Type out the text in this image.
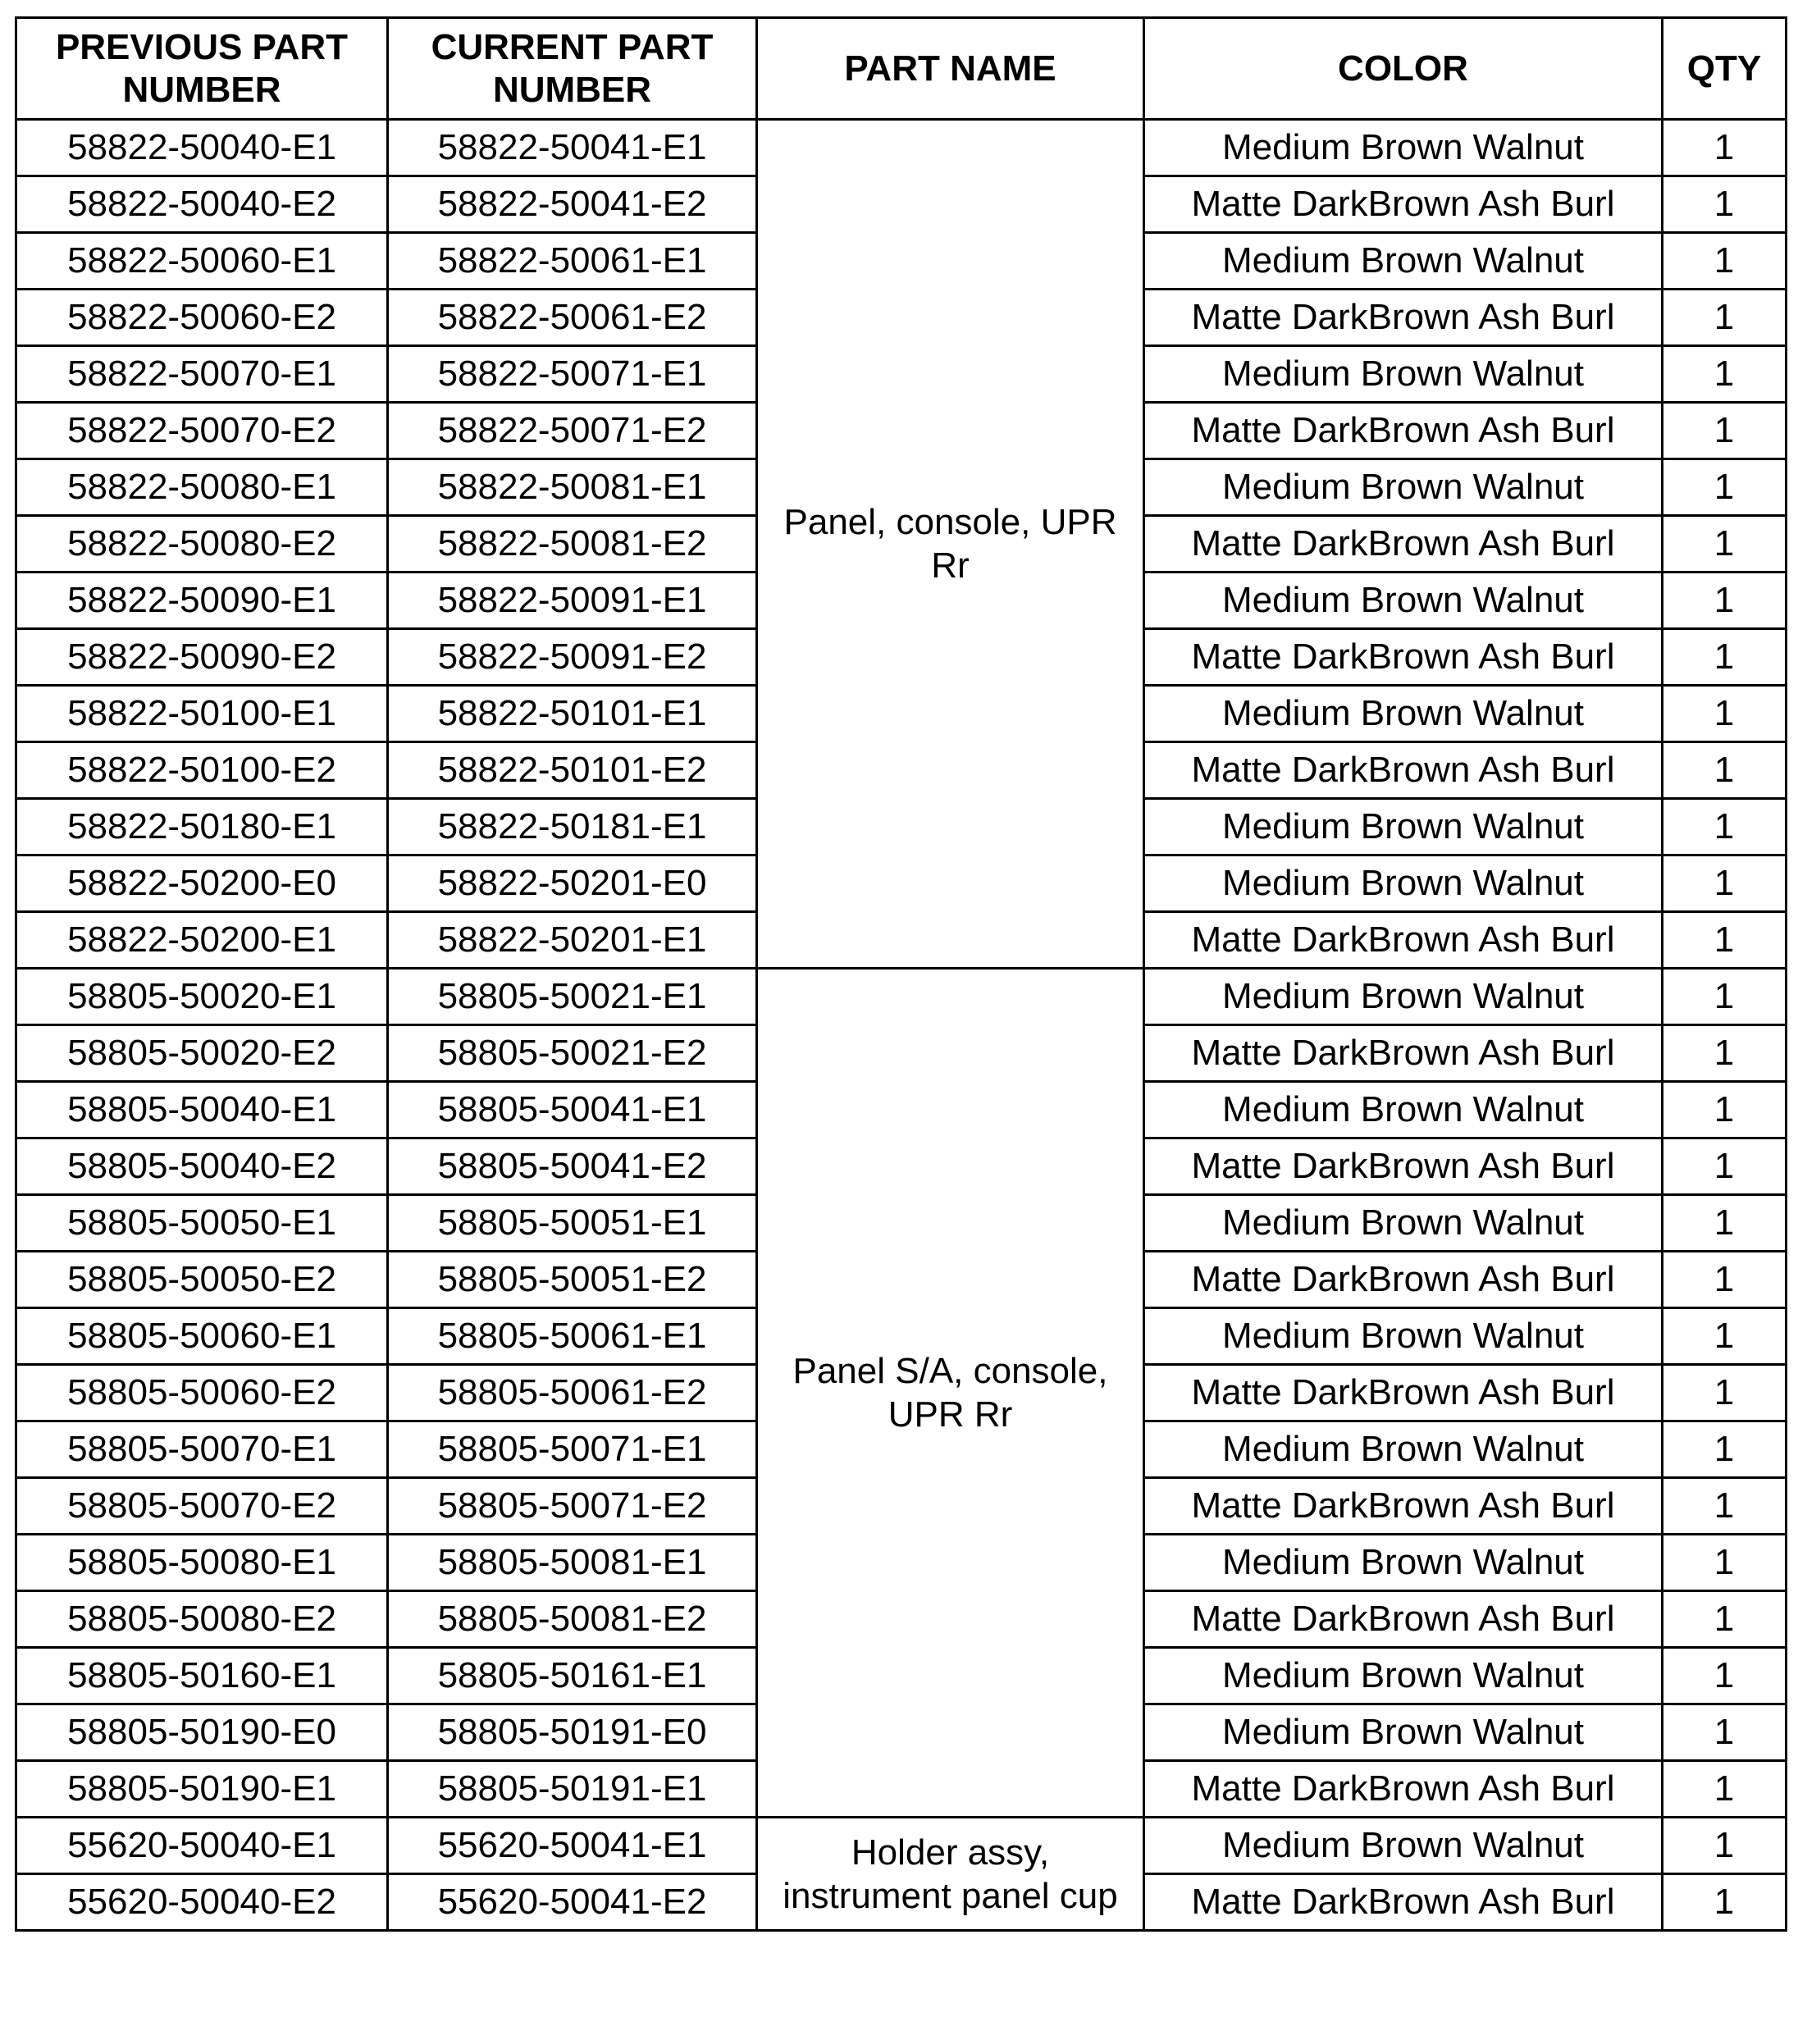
PREVIOUS PART NUMBER	CURRENT PART NUMBER	PART NAME	COLOR	QTY
58822-50040-E1	58822-50041-E1	Panel, console, UPR Rr	Medium Brown Walnut	1
58822-50040-E2	58822-50041-E2		Matte DarkBrown Ash Burl	1
58822-50060-E1	58822-50061-E1		Medium Brown Walnut	1
58822-50060-E2	58822-50061-E2		Matte DarkBrown Ash Burl	1
58822-50070-E1	58822-50071-E1		Medium Brown Walnut	1
58822-50070-E2	58822-50071-E2		Matte DarkBrown Ash Burl	1
58822-50080-E1	58822-50081-E1		Medium Brown Walnut	1
58822-50080-E2	58822-50081-E2		Matte DarkBrown Ash Burl	1
58822-50090-E1	58822-50091-E1		Medium Brown Walnut	1
58822-50090-E2	58822-50091-E2		Matte DarkBrown Ash Burl	1
58822-50100-E1	58822-50101-E1		Medium Brown Walnut	1
58822-50100-E2	58822-50101-E2		Matte DarkBrown Ash Burl	1
58822-50180-E1	58822-50181-E1		Medium Brown Walnut	1
58822-50200-E0	58822-50201-E0		Medium Brown Walnut	1
58822-50200-E1	58822-50201-E1		Matte DarkBrown Ash Burl	1
58805-50020-E1	58805-50021-E1	Panel S/A, console, UPR Rr	Medium Brown Walnut	1
58805-50020-E2	58805-50021-E2		Matte DarkBrown Ash Burl	1
58805-50040-E1	58805-50041-E1		Medium Brown Walnut	1
58805-50040-E2	58805-50041-E2		Matte DarkBrown Ash Burl	1
58805-50050-E1	58805-50051-E1		Medium Brown Walnut	1
58805-50050-E2	58805-50051-E2		Matte DarkBrown Ash Burl	1
58805-50060-E1	58805-50061-E1		Medium Brown Walnut	1
58805-50060-E2	58805-50061-E2		Matte DarkBrown Ash Burl	1
58805-50070-E1	58805-50071-E1		Medium Brown Walnut	1
58805-50070-E2	58805-50071-E2		Matte DarkBrown Ash Burl	1
58805-50080-E1	58805-50081-E1		Medium Brown Walnut	1
58805-50080-E2	58805-50081-E2		Matte DarkBrown Ash Burl	1
58805-50160-E1	58805-50161-E1		Medium Brown Walnut	1
58805-50190-E0	58805-50191-E0		Medium Brown Walnut	1
58805-50190-E1	58805-50191-E1		Matte DarkBrown Ash Burl	1
55620-50040-E1	55620-50041-E1	Holder assy, instrument panel cup	Medium Brown Walnut	1
55620-50040-E2	55620-50041-E2		Matte DarkBrown Ash Burl	1
